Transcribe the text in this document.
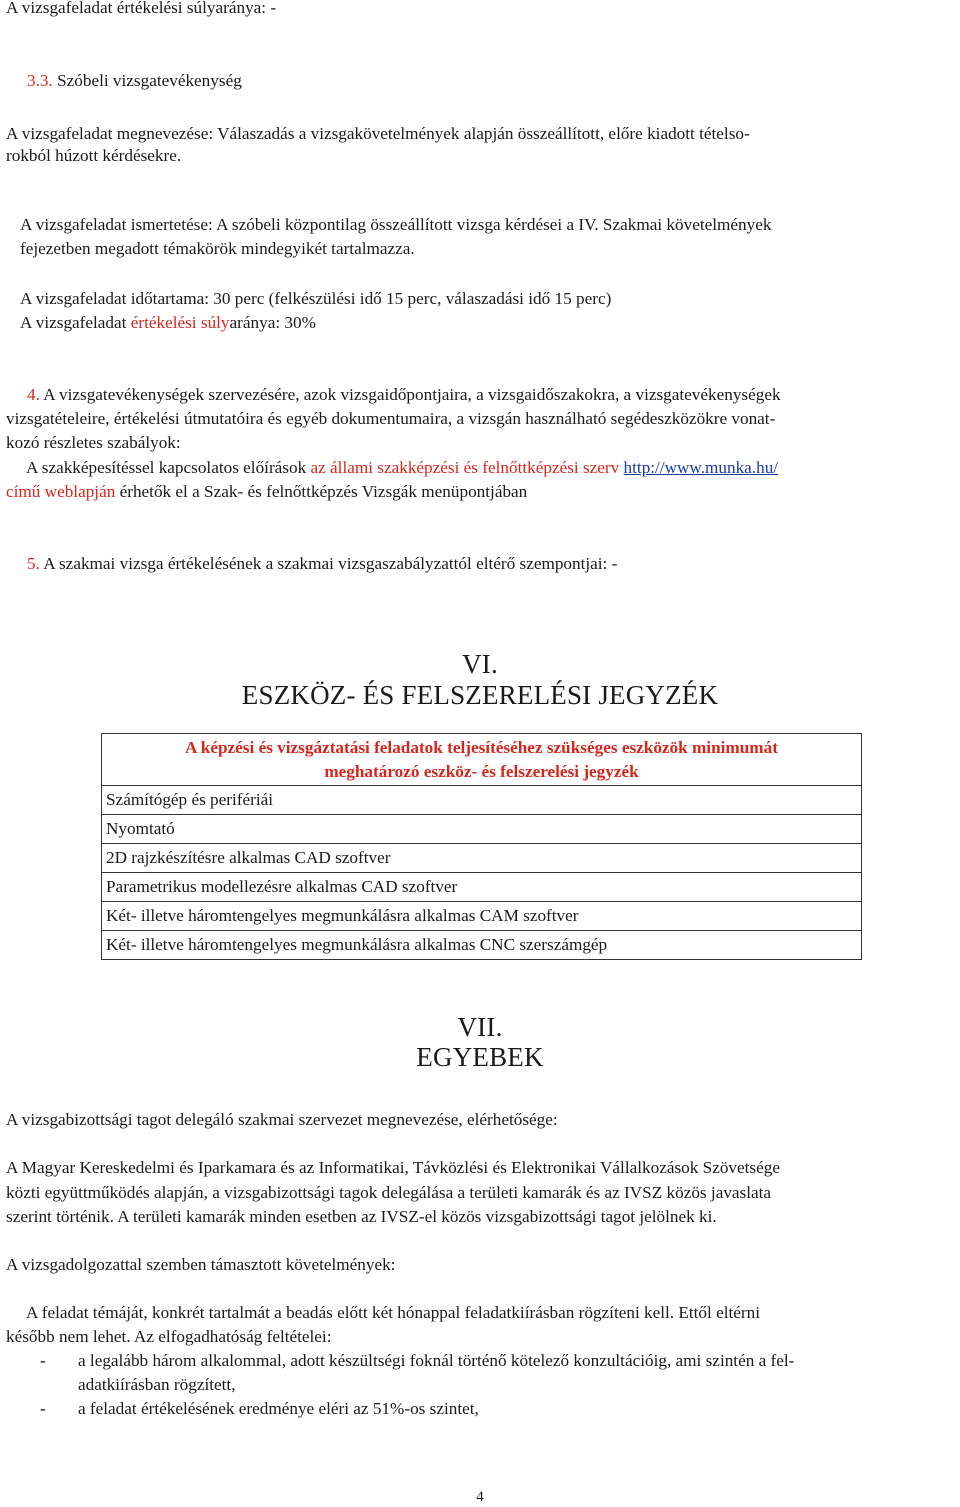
A vizsgafeladat értékelési súlyaránya: -
3.3. Szóbeli vizsgatevékenység
A vizsgafeladat megnevezése: Válaszadás a vizsgakövetelmények alapján összeállított, előre kiadott tételso-
rokból húzott kérdésekre.
A vizsgafeladat ismertetése: A szóbeli központilag összeállított vizsga kérdései a IV. Szakmai követelmények
fejezetben megadott témakörök mindegyikét tartalmazza.
A vizsgafeladat időtartama: 30 perc (felkészülési idő 15 perc, válaszadási idő 15 perc)
A vizsgafeladat értékelési súlyaránya: 30%
4. A vizsgatevékenységek szervezésére, azok vizsgaidőpontjaira, a vizsgaidőszakokra, a vizsgatevékenységek
vizsgatételeire, értékelési útmutatóira és egyéb dokumentumaira, a vizsgán használható segédeszközökre vonat-
kozó részletes szabályok:
A szakképesítéssel kapcsolatos előírások az állami szakképzési és felnőttképzési szerv http://www.munka.hu/
című weblapján érhetők el a Szak- és felnőttképzés Vizsgák menüpontjában
5. A szakmai vizsga értékelésének a szakmai vizsgaszabályzattól eltérő szempontjai: -
VI.
ESZKÖZ- ÉS FELSZERELÉSI JEGYZÉK
A képzési és vizsgáztatási feladatok teljesítéséhez szükséges eszközök minimumát
meghatározó eszköz- és felszerelési jegyzék

Számítógép és perifériái
Nyomtató
2D rajzkészítésre alkalmas CAD szoftver
Parametrikus modellezésre alkalmas CAD szoftver
Két- illetve háromtengelyes megmunkálásra alkalmas CAM szoftver
Két- illetve háromtengelyes megmunkálásra alkalmas CNC szerszámgép
VII.
EGYEBEK
A vizsgabizottsági tagot delegáló szakmai szervezet megnevezése, elérhetősége:
A Magyar Kereskedelmi és Iparkamara és az Informatikai, Távközlési és Elektronikai Vállalkozások Szövetsége
közti együttműködés alapján, a vizsgabizottsági tagok delegálása a területi kamarák és az IVSZ közös javaslata
szerint történik. A területi kamarák minden esetben az IVSZ-el közös vizsgabizottsági tagot jelölnek ki.
A vizsgadolgozattal szemben támasztott követelmények:
A feladat témáját, konkrét tartalmát a beadás előtt két hónappal feladatkiírásban rögzíteni kell. Ettől eltérni
később nem lehet. Az elfogadhatóság feltételei:
- a legalább három alkalommal, adott készültségi foknál történő kötelező konzultációig, ami szintén a fel-
adatkiírásban rögzített,
- a feladat értékelésének eredménye eléri az 51%-os szintet,
4
